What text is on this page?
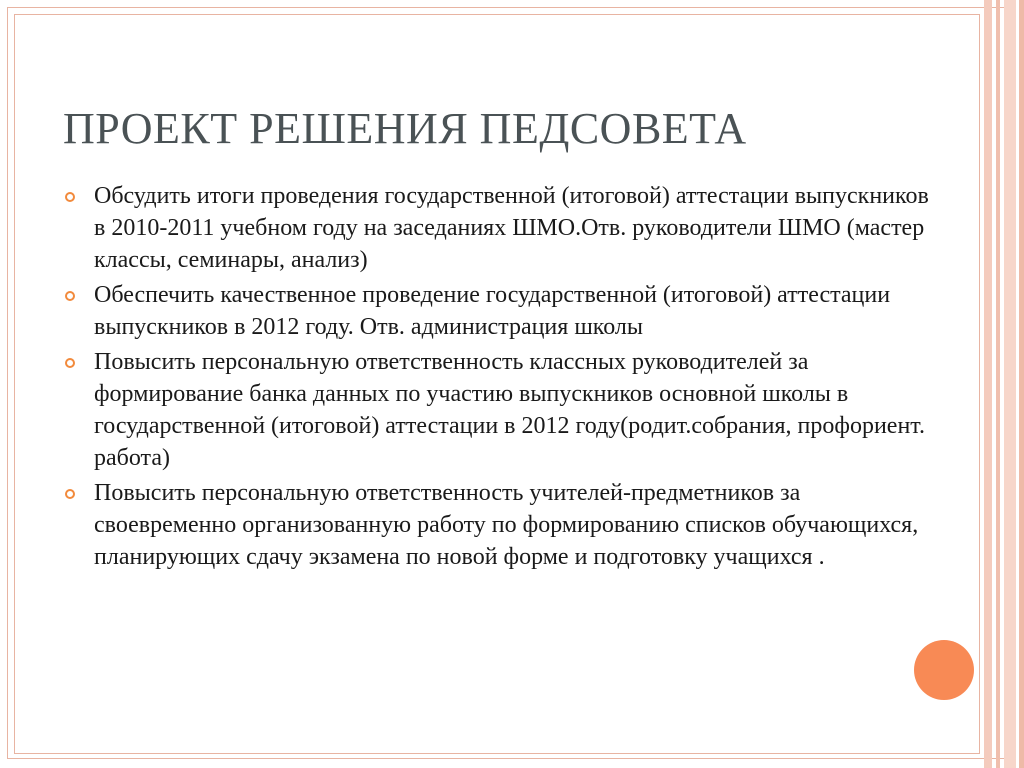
ПРОЕКТ РЕШЕНИЯ ПЕДСОВЕТА
Обсудить итоги проведения государственной (итоговой) аттестации выпускников в 2010-2011 учебном году на заседаниях ШМО.Отв. руководители ШМО (мастер классы, семинары, анализ)
Обеспечить качественное проведение государственной (итоговой) аттестации выпускников в 2012 году. Отв. администрация школы
Повысить персональную ответственность классных руководителей за формирование банка данных по участию выпускников основной школы в государственной (итоговой) аттестации в 2012 году(родит.собрания, профориент. работа)
Повысить персональную ответственность учителей-предметников за своевременно организованную работу по формированию списков обучающихся, планирующих сдачу экзамена по новой форме и подготовку учащихся .
